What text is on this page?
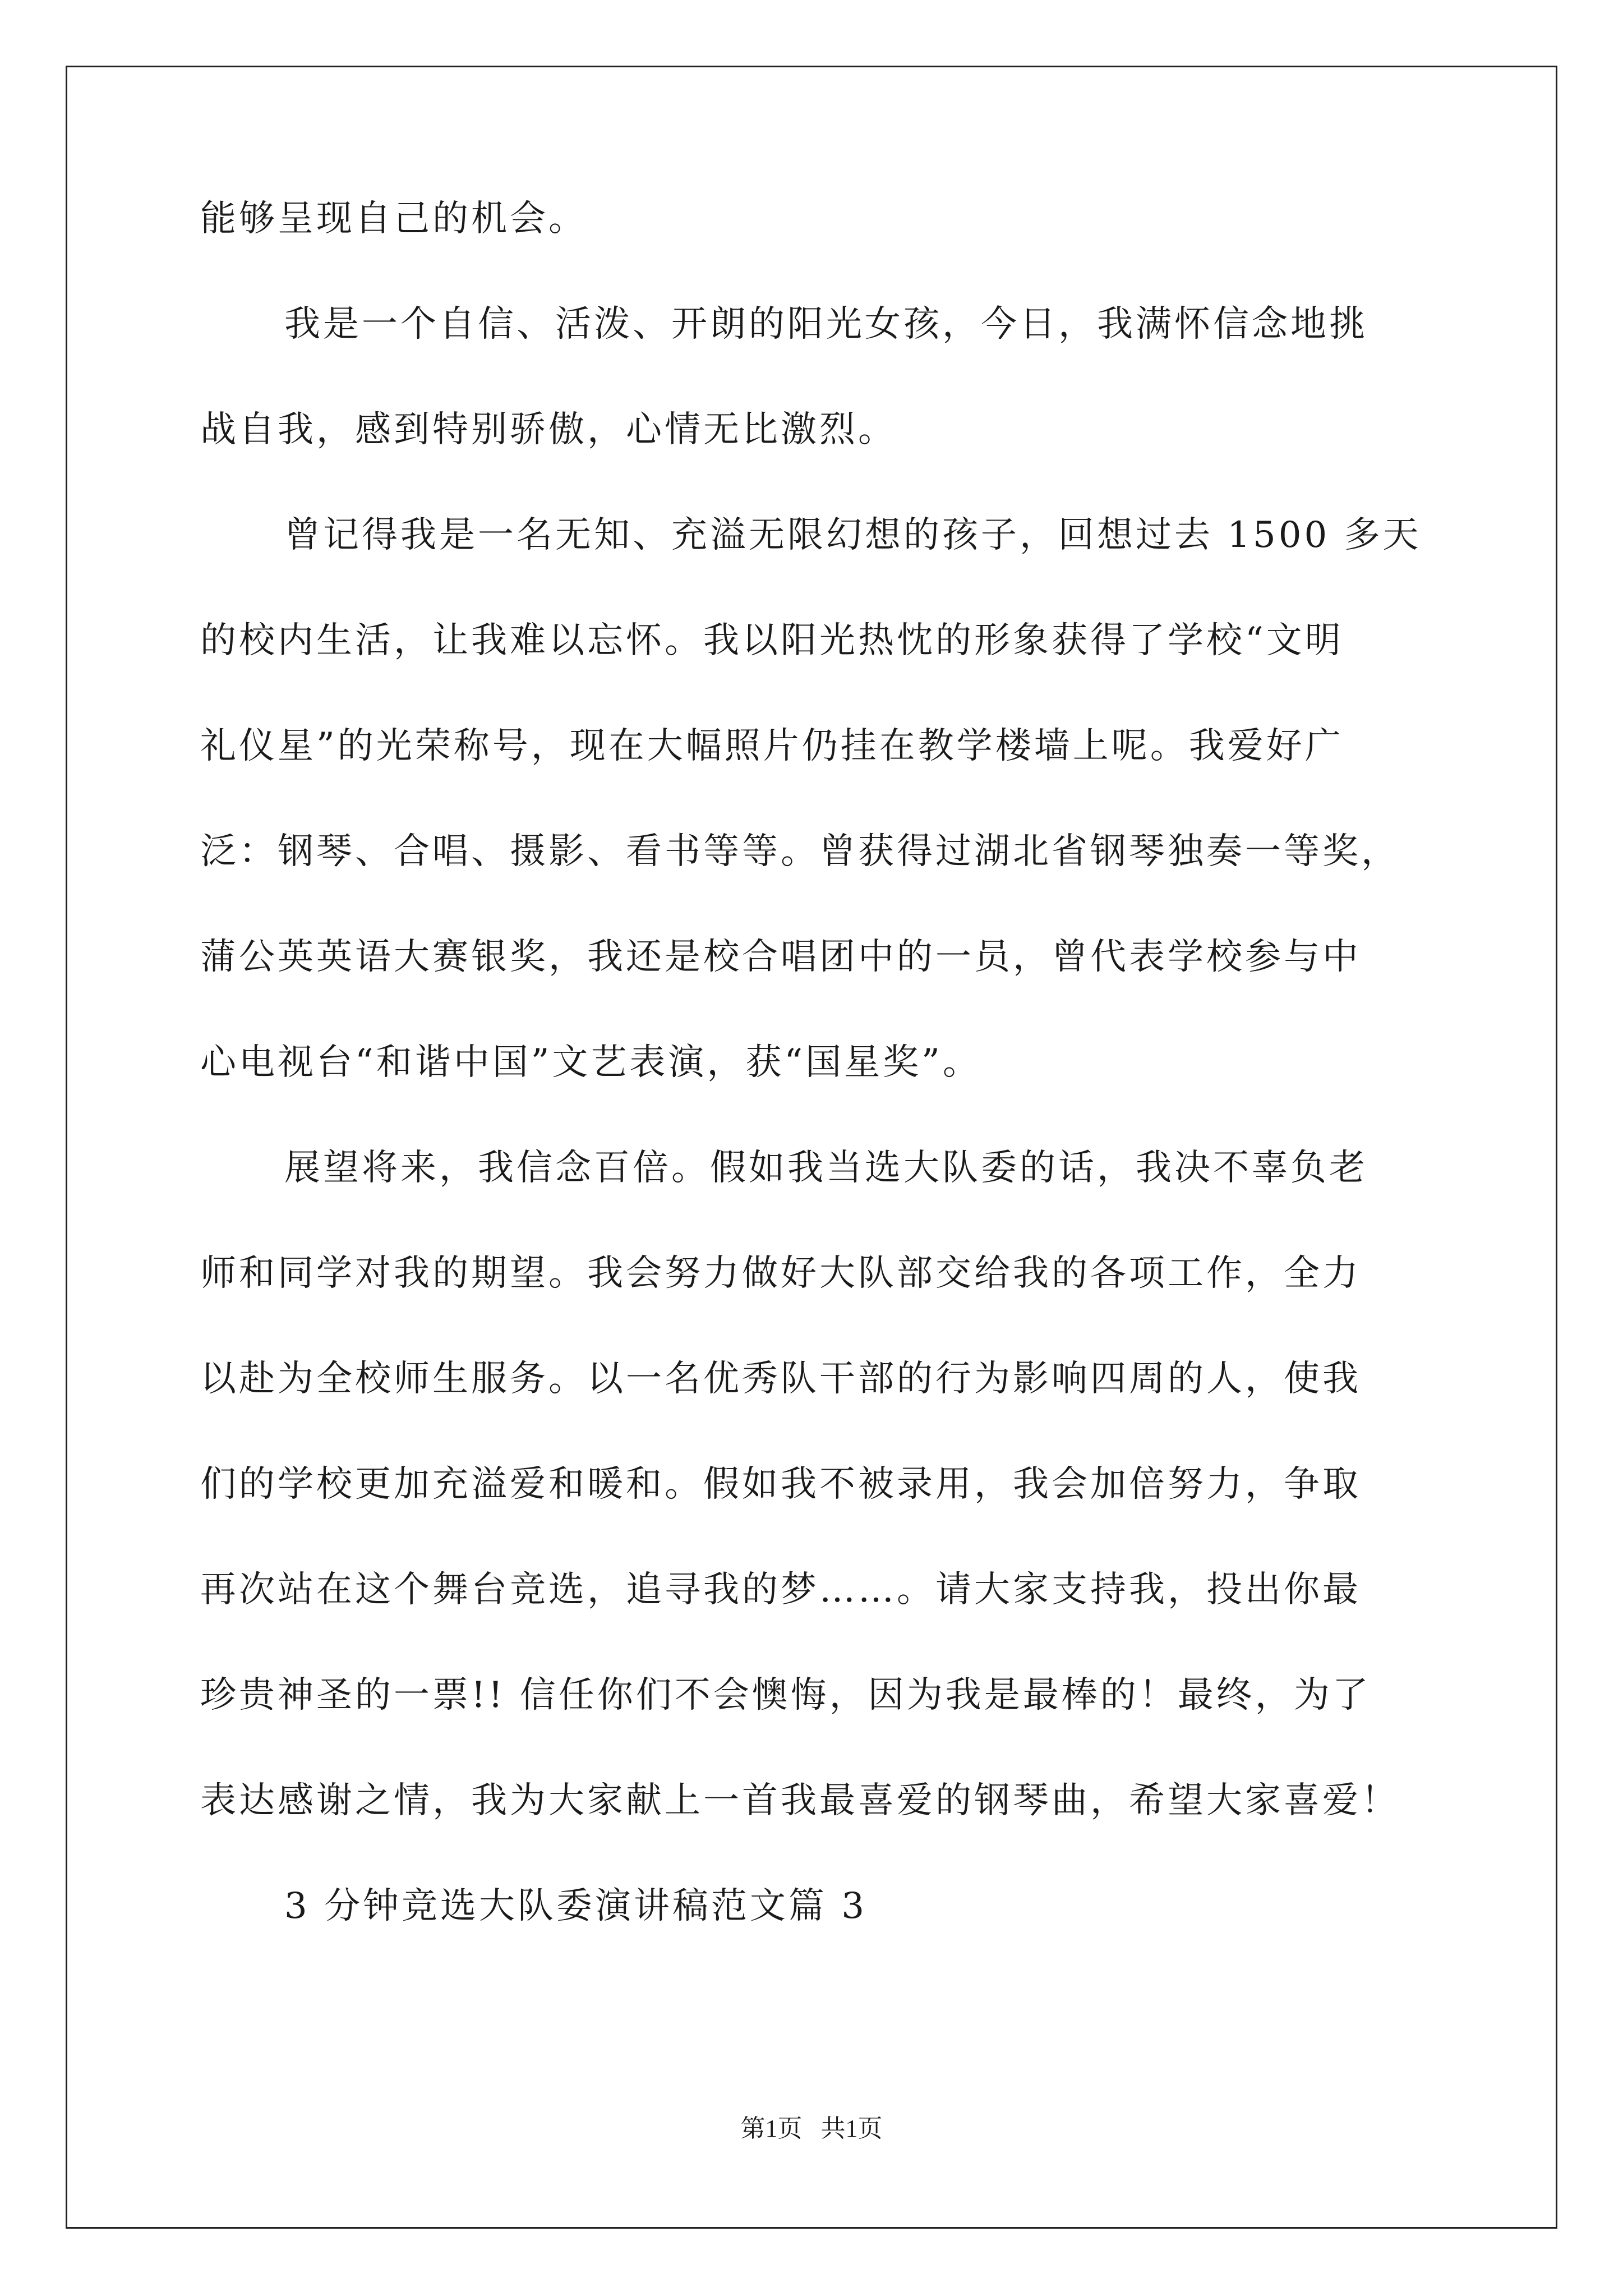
能够呈现自己的机会。
我是一个自信、活泼、开朗的阳光女孩，今日，我满怀信念地挑
战自我，感到特别骄傲，心情无比激烈。
曾记得我是一名无知、充溢无限幻想的孩子，回想过去 1500 多天
的校内生活，让我难以忘怀。我以阳光热忱的形象获得了学校“文明
礼仪星”的光荣称号，现在大幅照片仍挂在教学楼墙上呢。我爱好广
泛：钢琴、合唱、摄影、看书等等。曾获得过湖北省钢琴独奏一等奖，
蒲公英英语大赛银奖，我还是校合唱团中的一员，曾代表学校参与中
心电视台“和谐中国”文艺表演，获“国星奖”。
展望将来，我信念百倍。假如我当选大队委的话，我决不辜负老
师和同学对我的期望。我会努力做好大队部交给我的各项工作，全力
以赴为全校师生服务。以一名优秀队干部的行为影响四周的人，使我
们的学校更加充溢爱和暖和。假如我不被录用，我会加倍努力，争取
再次站在这个舞台竞选，追寻我的梦……。请大家支持我，投出你最
珍贵神圣的一票!! 信任你们不会懊悔，因为我是最棒的！最终，为了
表达感谢之情，我为大家献上一首我最喜爱的钢琴曲，希望大家喜爱！
3 分钟竞选大队委演讲稿范文篇 3
第1页   共1页
